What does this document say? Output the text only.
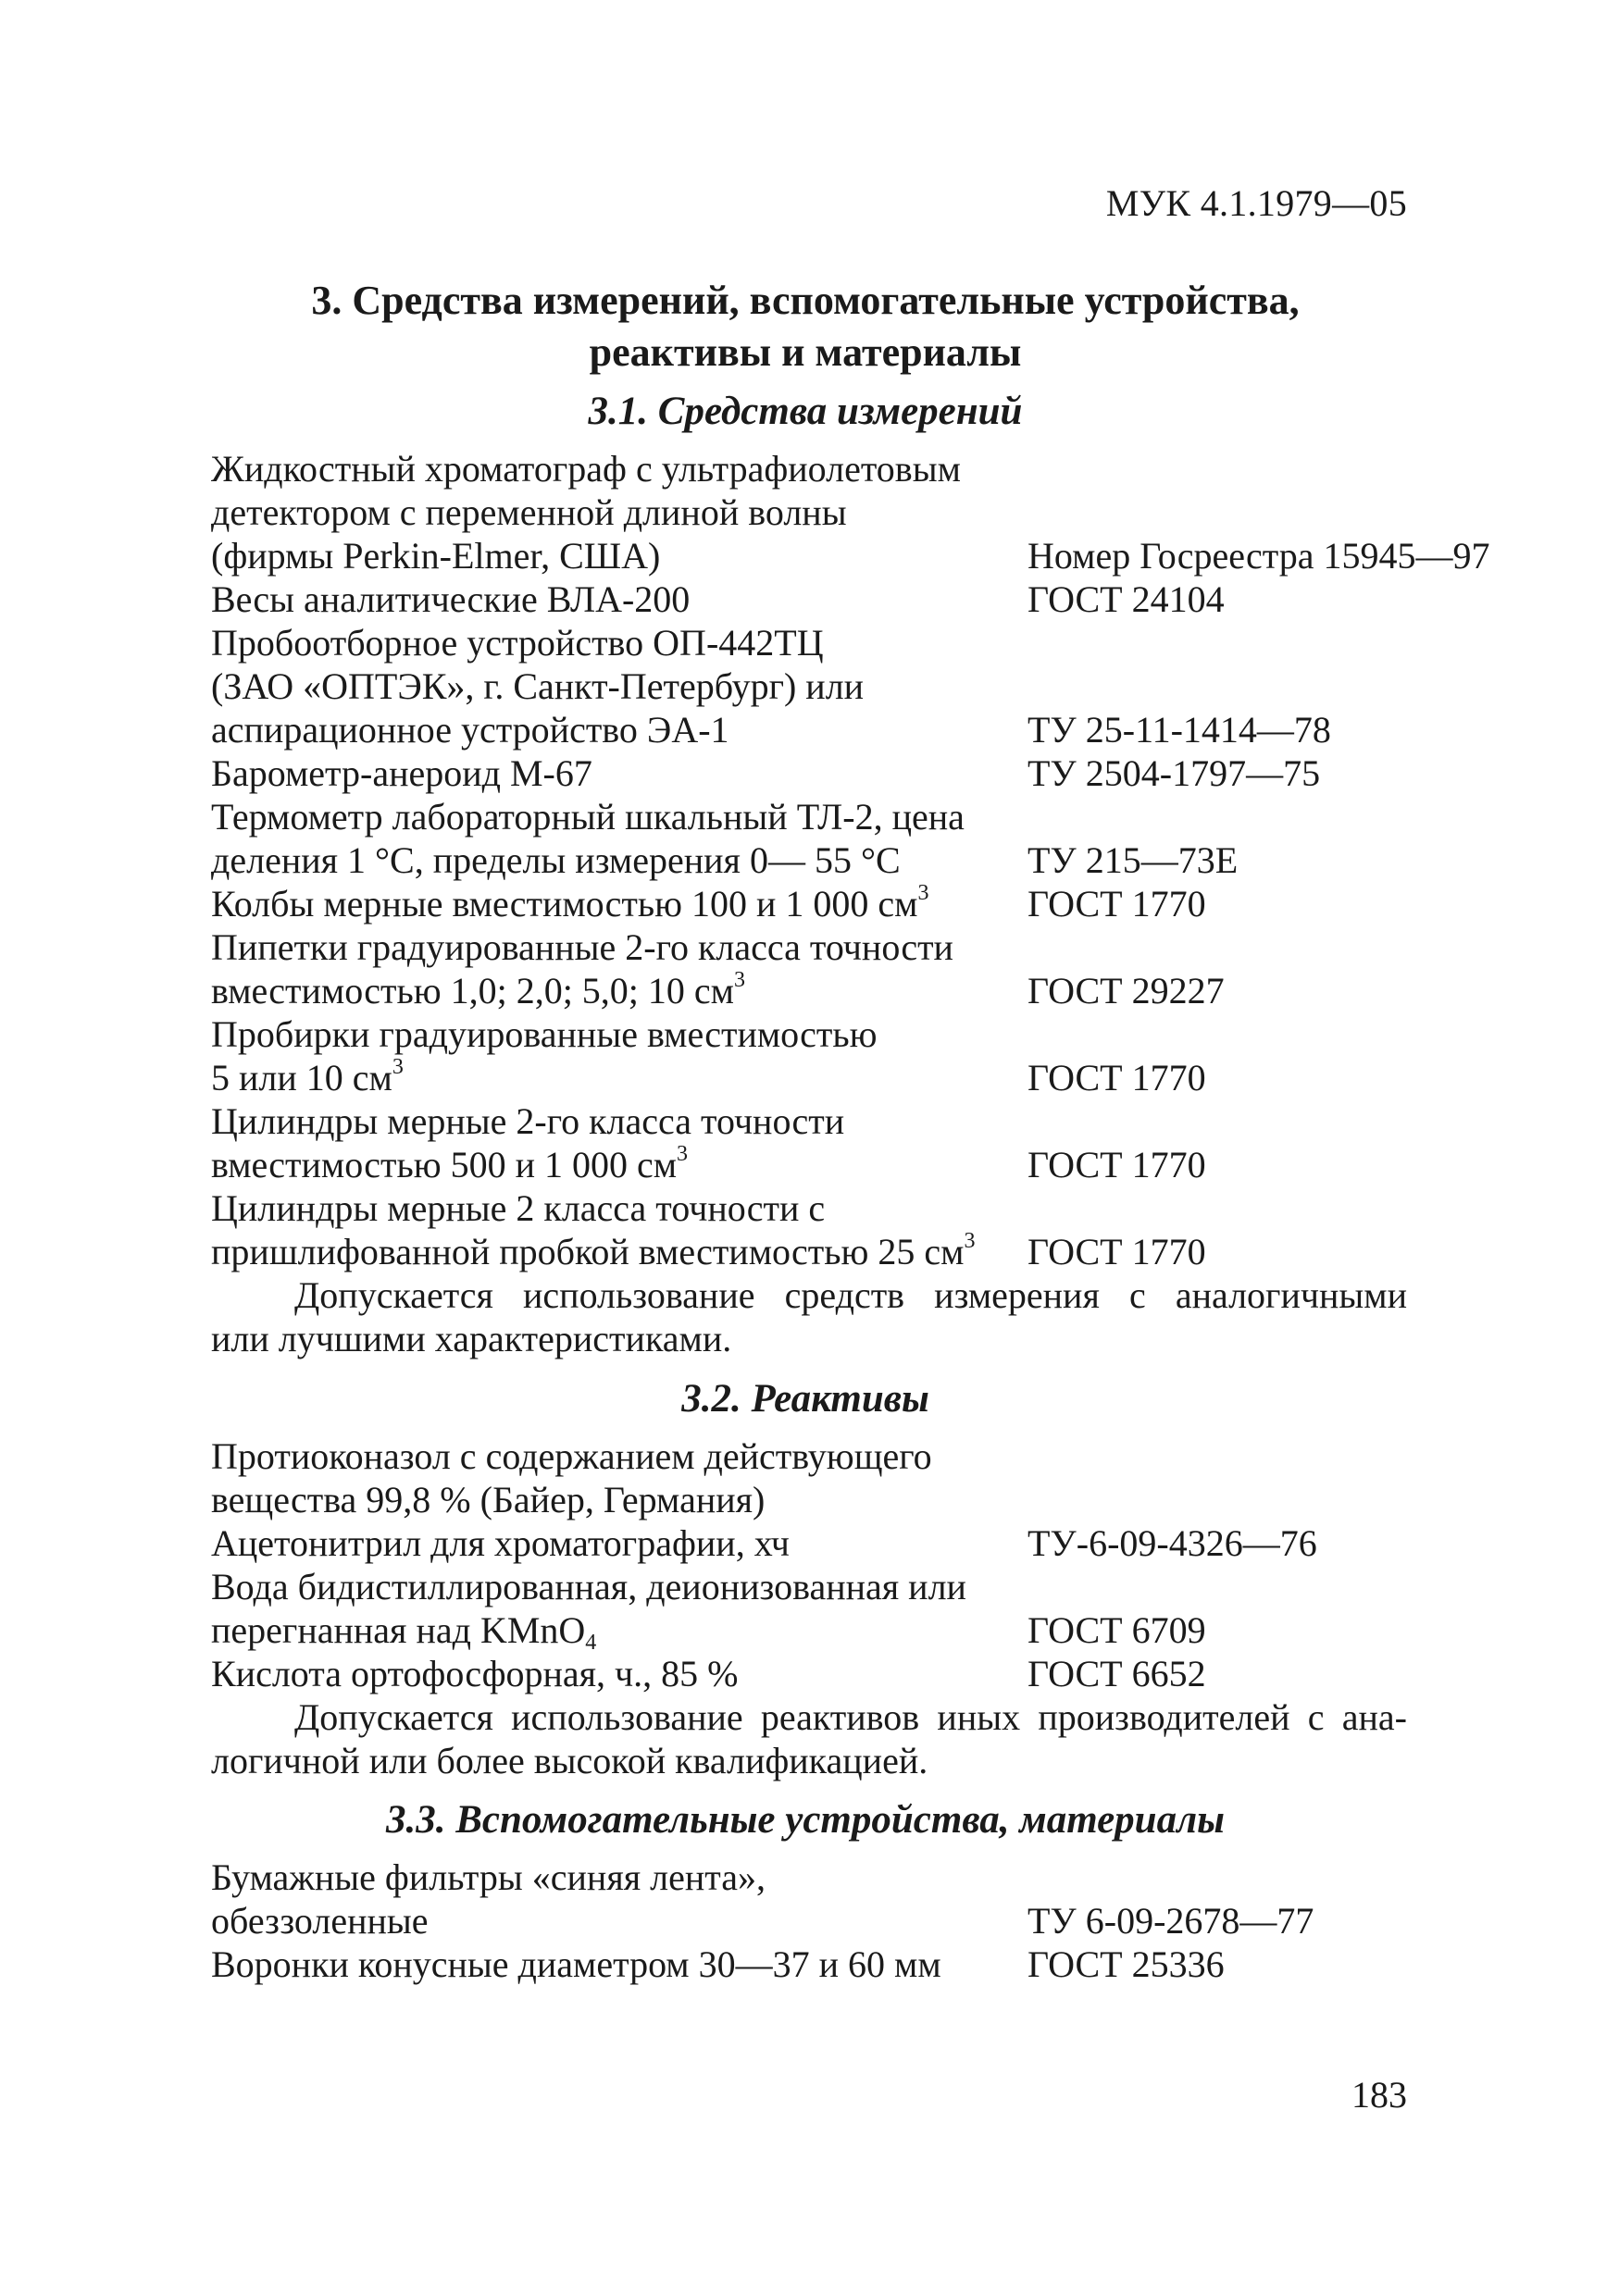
МУК 4.1.1979—05
3. Средства измерений, вспомогательные устройства,
реактивы и материалы
3.1. Средства измерений
Жидкостный хроматограф с ультрафиолетовым
детектором с переменной длиной волны
(фирмы Perkin-Elmer, США)	Номер Госреестра 15945—97
Весы аналитические ВЛА-200	ГОСТ 24104
Пробоотборное устройство ОП-442ТЦ
(ЗАО «ОПТЭК», г. Санкт-Петербург) или
аспирационное устройство ЭА-1	ТУ 25-11-1414—78
Барометр-анероид М-67	ТУ 2504-1797—75
Термометр лабораторный шкальный ТЛ-2, цена
деления 1 °С, пределы измерения 0— 55 °С	ТУ 215—73Е
Колбы мерные вместимостью 100 и 1 000 $см^3$	ГОСТ 1770
Пипетки градуированные 2-го класса точности
вместимостью 1,0; 2,0; 5,0; 10 $см^3$	ГОСТ 29227
Пробирки градуированные вместимостью
5 или 10 $см^3$	ГОСТ 1770
Цилиндры мерные 2-го класса точности
вместимостью 500 и 1 000 $см^3$	ГОСТ 1770
Цилиндры мерные 2 класса точности с
пришлифованной пробкой вместимостью 25 $см^3$	ГОСТ 1770
Допускается использование средств измерения с аналогичными
или лучшими характеристиками.
3.2. Реактивы
Протиоконазол с содержанием действующего
вещества 99,8 % (Байер, Германия)
Ацетонитрил для хроматографии, хч	ТУ-6-09-4326—76
Вода бидистиллированная, деионизованная или
перегнанная над KMnO$_4$	ГОСТ 6709
Кислота ортофосфорная, ч., 85 %	ГОСТ 6652
Допускается использование реактивов иных производителей с ана-
логичной или более высокой квалификацией.
3.3. Вспомогательные устройства, материалы
Бумажные фильтры «синяя лента»,
обеззоленные	ТУ 6-09-2678—77
Воронки конусные диаметром 30—37 и 60 мм	ГОСТ 25336
183
